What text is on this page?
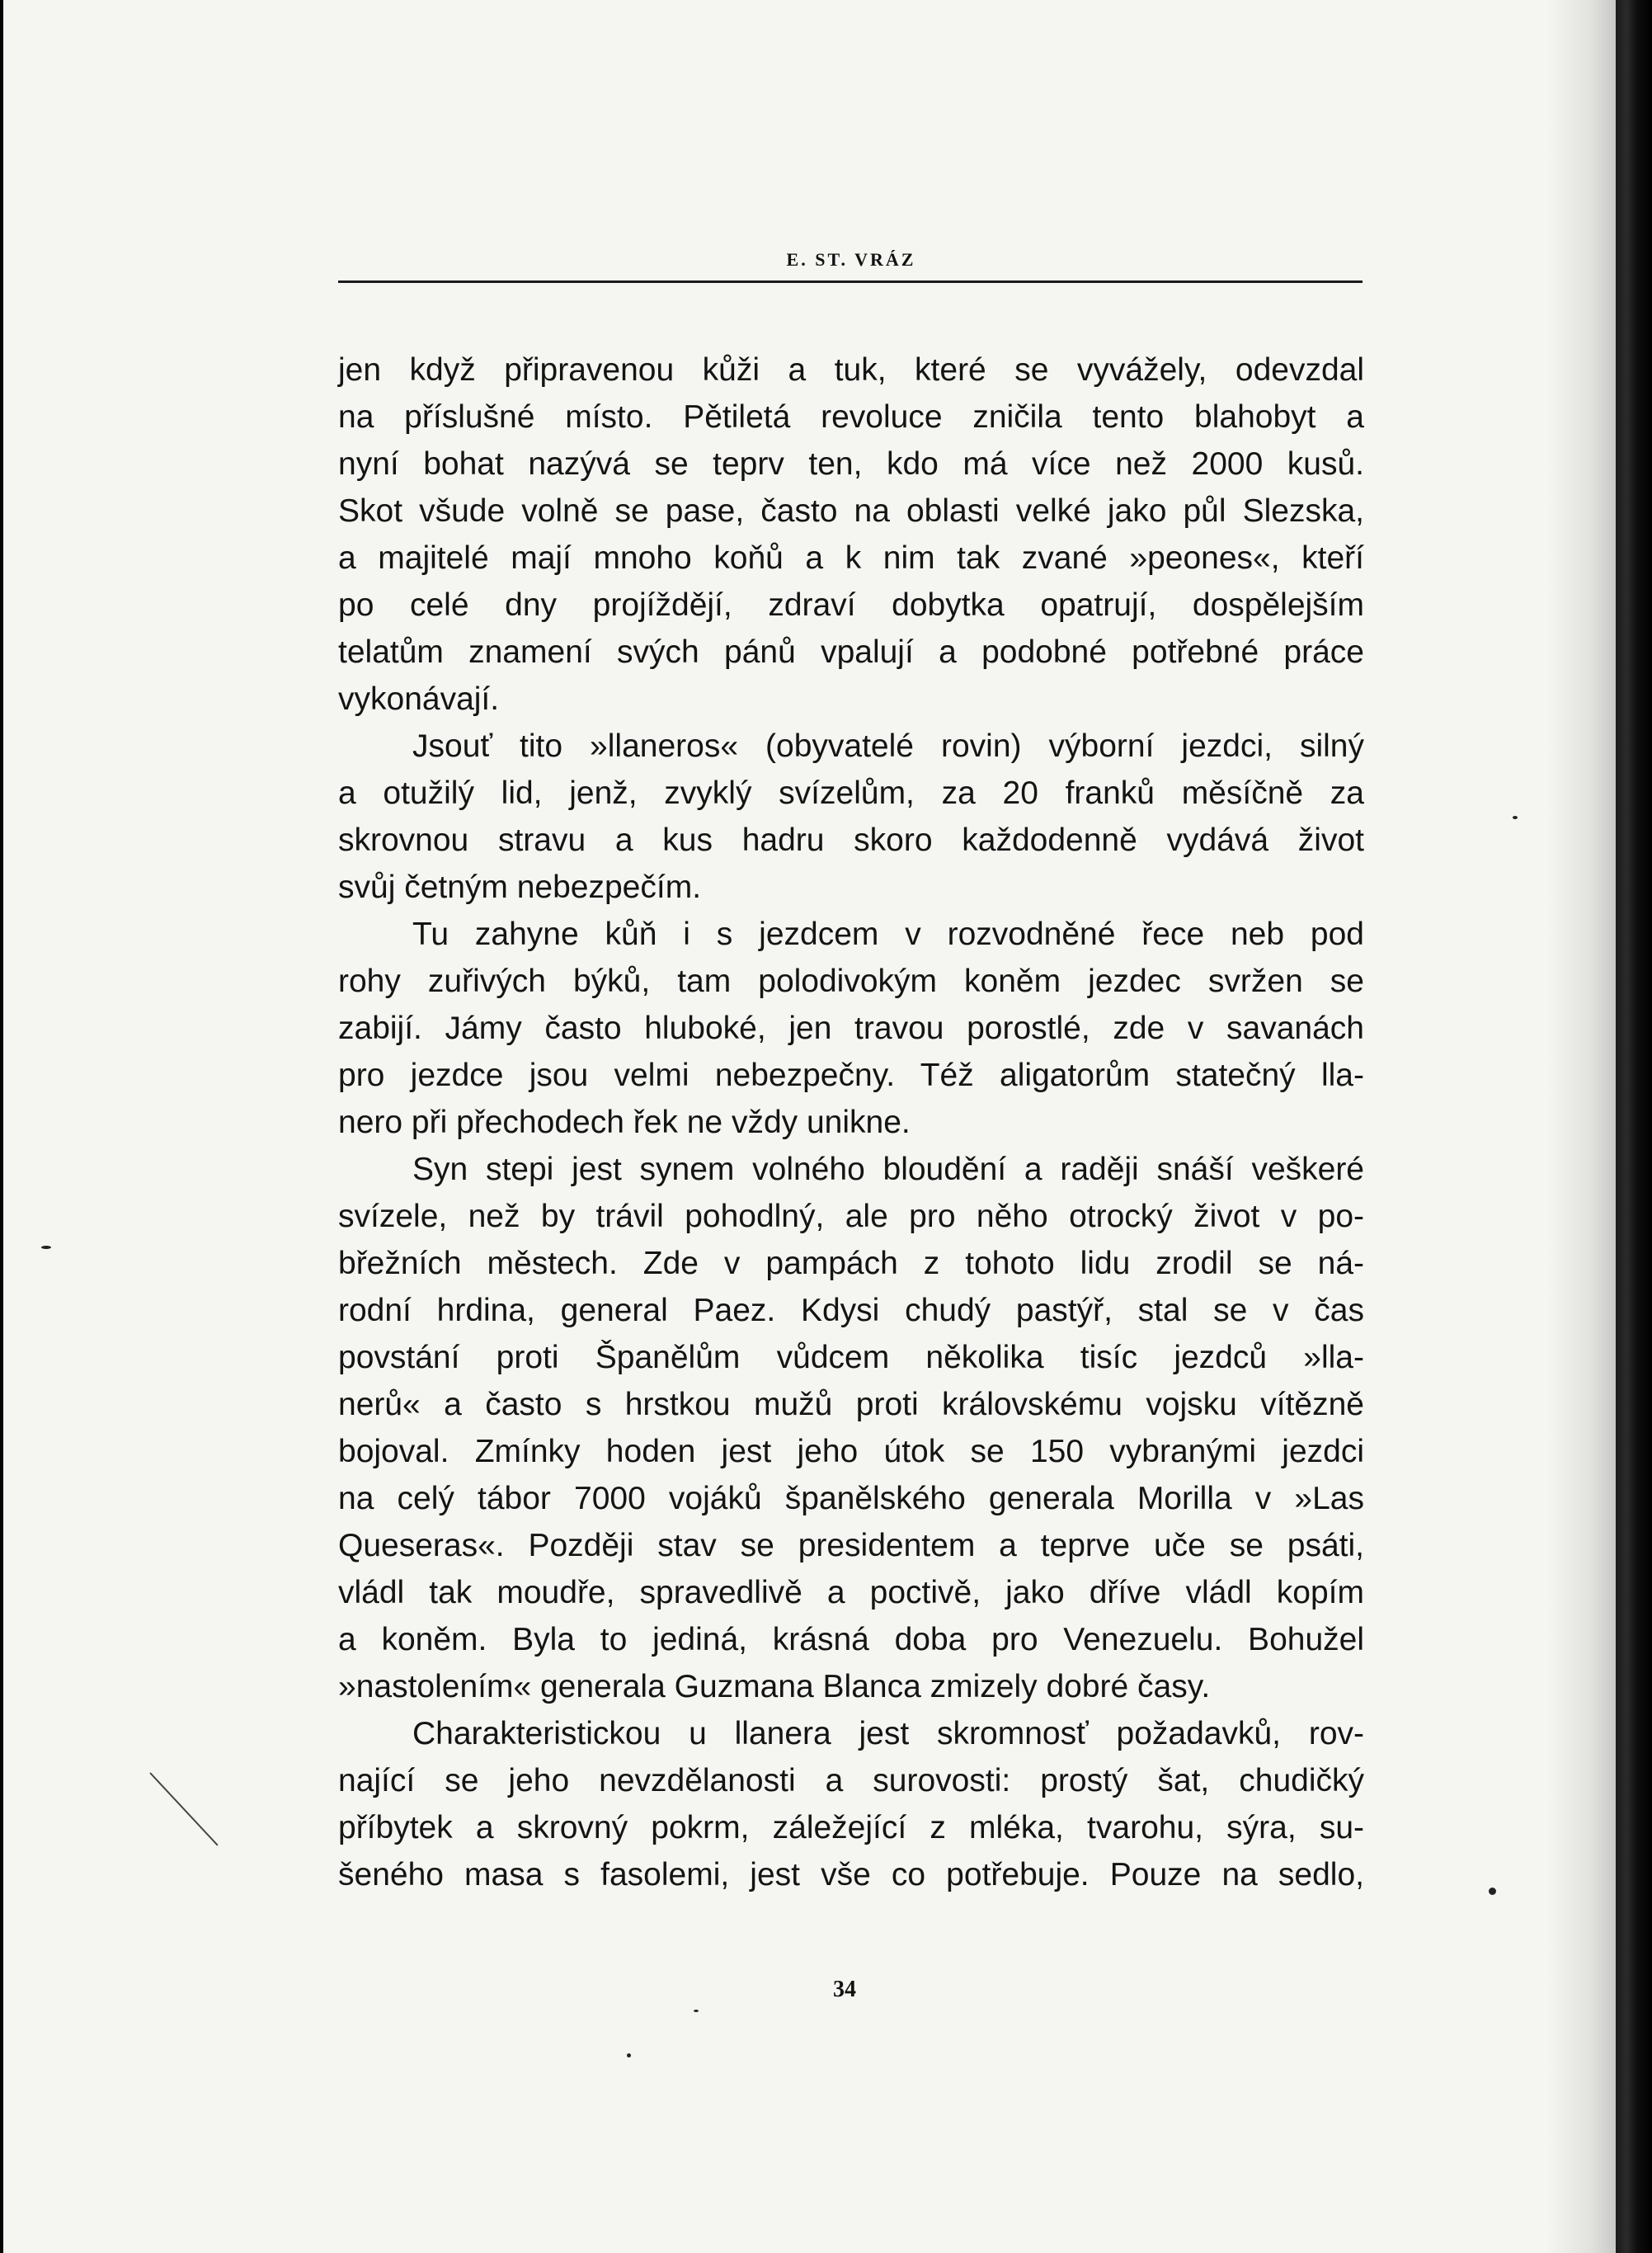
E. ST. VRÁZ
jen když připravenou kůži a tuk, které se vyvážely, odevzdal
na příslušné místo. Pětiletá revoluce zničila tento blahobyt a
nyní bohat nazývá se teprv ten, kdo má více než 2000 kusů.
Skot všude volně se pase, často na oblasti velké jako půl Slezska,
a majitelé mají mnoho koňů a k nim tak zvané »peones«, kteří
po celé dny projíždějí, zdraví dobytka opatrují, dospělejším
telatům znamení svých pánů vpalují a podobné potřebné práce
vykonávají.
Jsouť tito »llaneros« (obyvatelé rovin) výborní jezdci, silný
a otužilý lid, jenž, zvyklý svízelům, za 20 franků měsíčně za
skrovnou stravu a kus hadru skoro každodenně vydává život
svůj četným nebezpečím.
Tu zahyne kůň i s jezdcem v rozvodněné řece neb pod
rohy zuřivých býků, tam polodivokým koněm jezdec svržen se
zabijí. Jámy často hluboké, jen travou porostlé, zde v savanách
pro jezdce jsou velmi nebezpečny. Též aligatorům statečný lla-
nero při přechodech řek ne vždy unikne.
Syn stepi jest synem volného bloudění a raději snáší veškeré
svízele, než by trávil pohodlný, ale pro něho otrocký život v po-
břežních městech. Zde v pampách z tohoto lidu zrodil se ná-
rodní hrdina, general Paez. Kdysi chudý pastýř, stal se v čas
povstání proti Španělům vůdcem několika tisíc jezdců »lla-
nerů« a často s hrstkou mužů proti královskému vojsku vítězně
bojoval. Zmínky hoden jest jeho útok se 150 vybranými jezdci
na celý tábor 7000 vojáků španělského generala Morilla v »Las
Queseras«. Později stav se presidentem a teprve uče se psáti,
vládl tak moudře, spravedlivě a poctivě, jako dříve vládl kopím
a koněm. Byla to jediná, krásná doba pro Venezuelu. Bohužel
»nastolením« generala Guzmana Blanca zmizely dobré časy.
Charakteristickou u llanera jest skromnosť požadavků, rov-
nající se jeho nevzdělanosti a surovosti: prostý šat, chudičký
příbytek a skrovný pokrm, záležející z mléka, tvarohu, sýra, su-
šeného masa s fasolemi, jest vše co potřebuje. Pouze na sedlo,
34
